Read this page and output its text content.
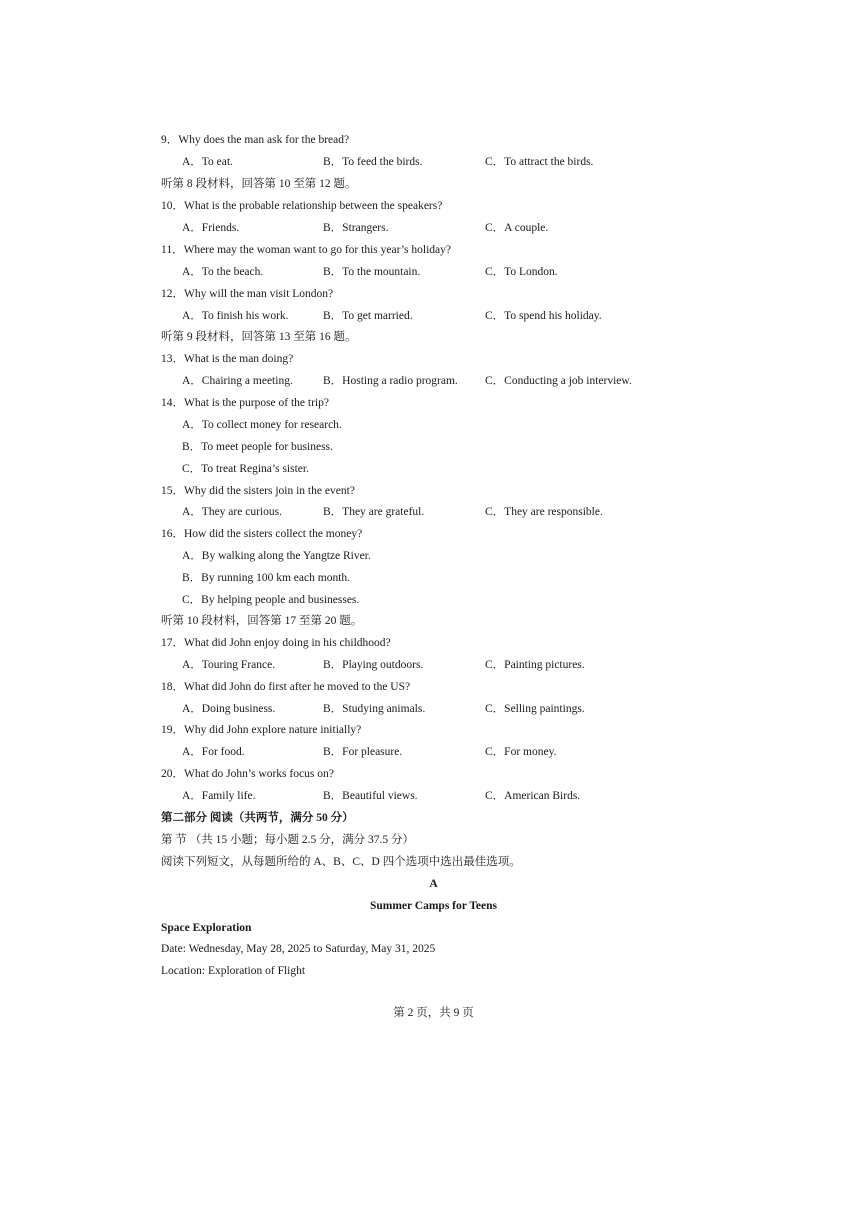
9．Why does the man ask for the bread?
A．To eat.	B．To feed the birds.	C．To attract the birds.
听第 8 段材料，回答第 10 至第 12 题。
10．What is the probable relationship between the speakers?
A．Friends.	B．Strangers.	C．A couple.
11．Where may the woman want to go for this year’s holiday?
A．To the beach.	B．To the mountain.	C．To London.
12．Why will the man visit London?
A．To finish his work.	B．To get married.	C．To spend his holiday.
听第 9 段材料，回答第 13 至第 16 题。
13．What is the man doing?
A．Chairing a meeting.	B．Hosting a radio program. C．Conducting a job interview.
14．What is the purpose of the trip?
A．To collect money for research.
B．To meet people for business.
C．To treat Regina’s sister.
15．Why did the sisters join in the event?
A．They are curious.	B．They are grateful.	C．They are responsible.
16．How did the sisters collect the money?
A．By walking along the Yangtze River.
B．By running 100 km each month.
C．By helping people and businesses.
听第 10 段材料，回答第 17 至第 20 题。
17．What did John enjoy doing in his childhood?
A．Touring France.	B．Playing outdoors.	C．Painting pictures.
18．What did John do first after he moved to the US?
A．Doing business.	B．Studying animals.	C．Selling paintings.
19．Why did John explore nature initially?
A．For food.	B．For pleasure.	C．For money.
20．What do John’s works focus on?
A．Family life.	B．Beautiful views.	C．American Birds.
第二部分 阅读（共两节，满分 50 分）
第 节 （共 15 小题；每小题 2.5 分，满分 37.5 分）
阅读下列短文，从每题所给的 A、B、C、D 四个选项中选出最佳选项。
A
Summer Camps for Teens
Space Exploration
Date: Wednesday, May 28, 2025 to Saturday, May 31, 2025
Location: Exploration of Flight
第 2 页，共 9 页
